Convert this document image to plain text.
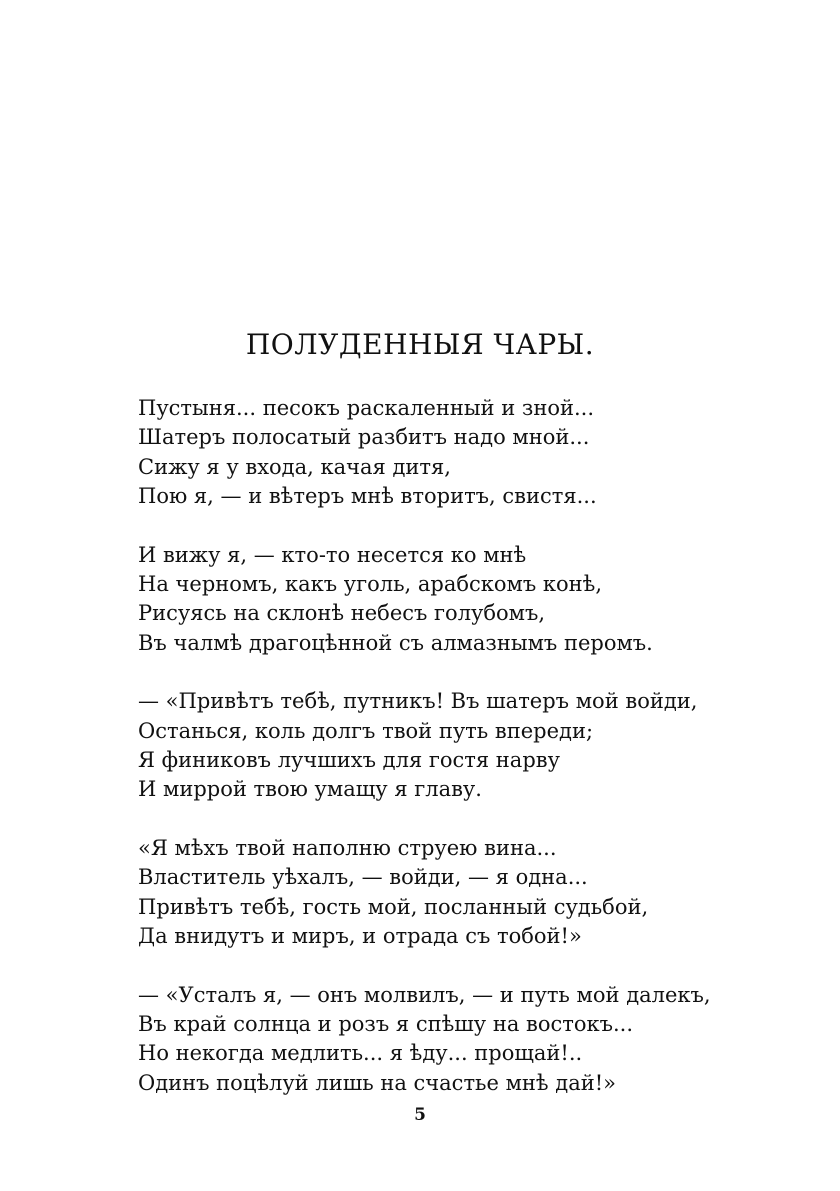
ПОЛУДЕННЫЯ ЧАРЫ.
Пустыня... песокъ раскаленный и зной...
Шатеръ полосатый разбитъ надо мной...
Сижу я у входа, качая дитя,
Пою я, — и вѣтеръ мнѣ вторитъ, свистя...
И вижу я, — кто-то несется ко мнѣ
На черномъ, какъ уголь, арабскомъ конѣ,
Рисуясь на склонѣ небесъ голубомъ,
Въ чалмѣ драгоцѣнной съ алмазнымъ перомъ.
— «Привѣтъ тебѣ, путникъ! Въ шатеръ мой войди,
Останься, коль долгъ твой путь впереди;
Я финиковъ лучшихъ для гостя нарву
И миррой твою умащу я главу.
«Я мѣхъ твой наполню струею вина...
Властитель уѣхалъ, — войди, — я одна...
Привѣтъ тебѣ, гость мой, посланный судьбой,
Да внидутъ и миръ, и отрада съ тобой!»
— «Усталъ я, — онъ молвилъ, — и путь мой далекъ,
Въ край солнца и розъ я спѣшу на востокъ...
Но некогда медлить... я ѣду... прощай!..
Одинъ поцѣлуй лишь на счастье мнѣ дай!»
5
